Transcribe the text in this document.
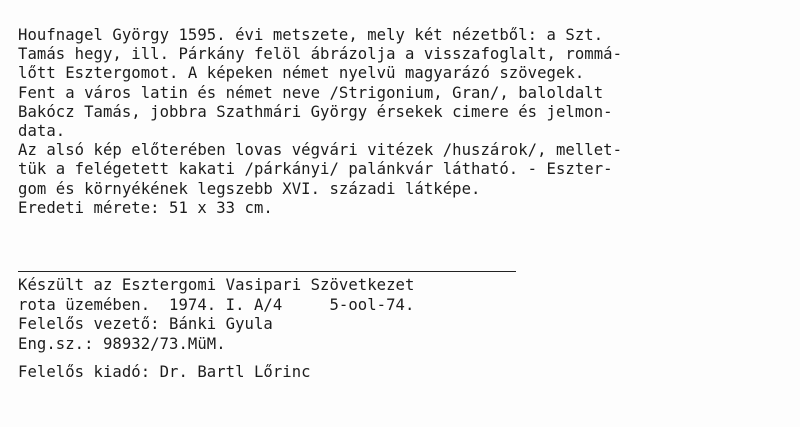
Houfnagel György 1595. évi metszete, mely két nézetből: a Szt.
Tamás hegy, ill. Párkány felöl ábrázolja a visszafoglalt, rommá-
lőtt Esztergomot. A képeken német nyelvü magyarázó szövegek.
Fent a város latin és német neve /Strigonium, Gran/, baloldalt
Bakócz Tamás, jobbra Szathmári György érsekek cimere és jelmon-
data.
Az alsó kép előterében lovas végvári vitézek /huszárok/, mellet-
tük a felégetett kakati /párkányi/ palánkvár látható. - Eszter-
gom és környékének legszebb XVI. századi látképe.
Eredeti mérete: 51 x 33 cm.
Készült az Esztergomi Vasipari Szövetkezet
rota üzemében.  1974. I. A/4     5-ool-74.
Felelős vezető: Bánki Gyula
Eng.sz.: 98932/73.MüM.
Felelős kiadó: Dr. Bartl Lőrinc
